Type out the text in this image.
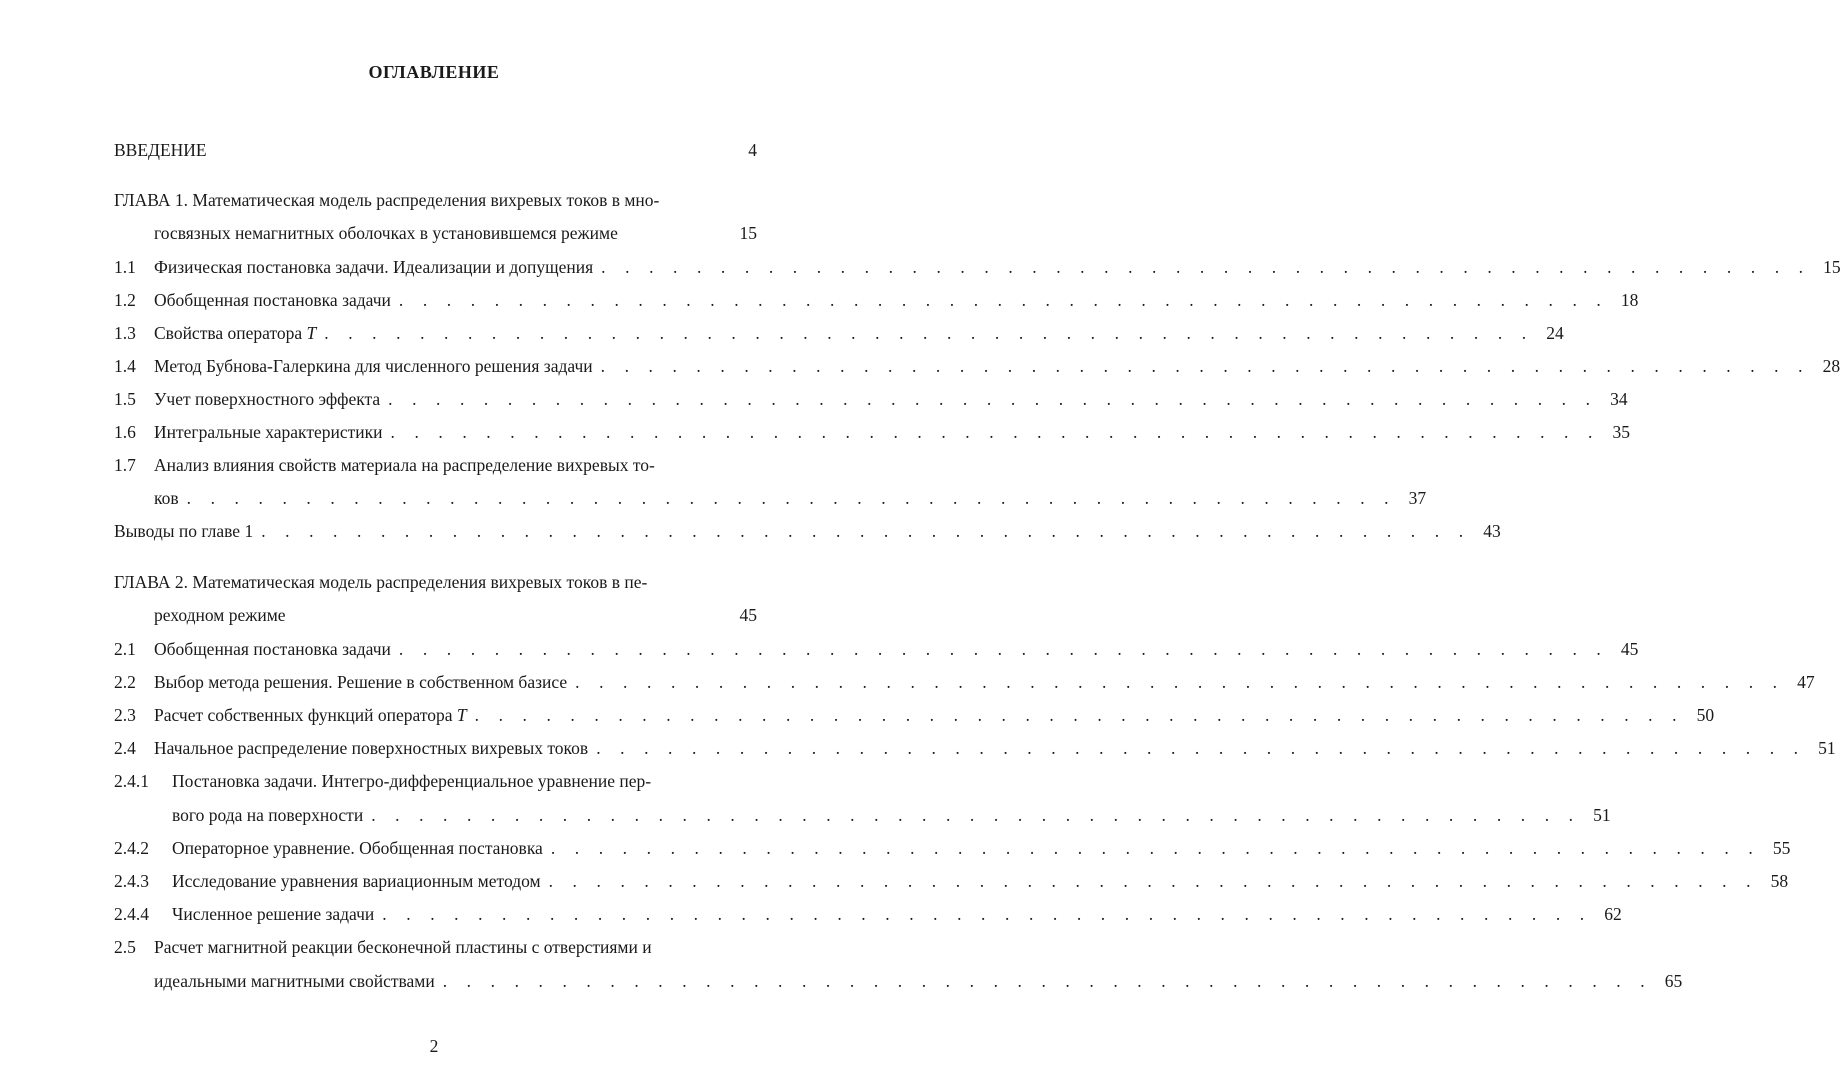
ОГЛАВЛЕНИЕ
ВВЕДЕНИЕ	4
ГЛАВА 1. Математическая модель распределения вихревых токов в мно-
госвязных немагнитных оболочках в установившемся режиме	15
1.1 Физическая постановка задачи. Идеализации и допущения . . . . . . . . . . . . . . . . . . . . . . . . . . . . . . . . . . . . . . . . . . . . . . . . . . . 15
1.2 Обобщенная постановка задачи . . . . . . . . . . . . . . . . . . . . . . . . . . . . . . . . . . . . . . . . . . . . . . . . . . . 18
1.3 Свойства оператора T . . . . . . . . . . . . . . . . . . . . . . . . . . . . . . . . . . . . . . . . . . . . . . . . . . . 24
1.4 Метод Бубнова-Галеркина для численного решения задачи . . . . . . . . . . . . . . . . . . . . . . . . . . . . . . . . . . . . . . . . . . . . . . . . . . . 28
1.5 Учет поверхностного эффекта . . . . . . . . . . . . . . . . . . . . . . . . . . . . . . . . . . . . . . . . . . . . . . . . . . . 34
1.6 Интегральные характеристики . . . . . . . . . . . . . . . . . . . . . . . . . . . . . . . . . . . . . . . . . . . . . . . . . . . 35
1.7 Анализ влияния свойств материала на распределение вихревых то-
ков . . . . . . . . . . . . . . . . . . . . . . . . . . . . . . . . . . . . . . . . . . . . . . . . . . . 37
Выводы по главе 1 . . . . . . . . . . . . . . . . . . . . . . . . . . . . . . . . . . . . . . . . . . . . . . . . . . . 43
ГЛАВА 2. Математическая модель распределения вихревых токов в пе-
реходном режиме	45
2.1 Обобщенная постановка задачи . . . . . . . . . . . . . . . . . . . . . . . . . . . . . . . . . . . . . . . . . . . . . . . . . . . 45
2.2 Выбор метода решения. Решение в собственном базисе . . . . . . . . . . . . . . . . . . . . . . . . . . . . . . . . . . . . . . . . . . . . . . . . . . . 47
2.3 Расчет собственных функций оператора T . . . . . . . . . . . . . . . . . . . . . . . . . . . . . . . . . . . . . . . . . . . . . . . . . . . 50
2.4 Начальное распределение поверхностных вихревых токов . . . . . . . . . . . . . . . . . . . . . . . . . . . . . . . . . . . . . . . . . . . . . . . . . . . 51
2.4.1 Постановка задачи. Интегро-дифференциальное уравнение пер-
вого рода на поверхности . . . . . . . . . . . . . . . . . . . . . . . . . . . . . . . . . . . . . . . . . . . . . . . . . . . 51
2.4.2 Операторное уравнение. Обобщенная постановка . . . . . . . . . . . . . . . . . . . . . . . . . . . . . . . . . . . . . . . . . . . . . . . . . . . 55
2.4.3 Исследование уравнения вариационным методом . . . . . . . . . . . . . . . . . . . . . . . . . . . . . . . . . . . . . . . . . . . . . . . . . . . 58
2.4.4 Численное решение задачи . . . . . . . . . . . . . . . . . . . . . . . . . . . . . . . . . . . . . . . . . . . . . . . . . . . 62
2.5 Расчет магнитной реакции бесконечной пластины с отверстиями и
идеальными магнитными свойствами . . . . . . . . . . . . . . . . . . . . . . . . . . . . . . . . . . . . . . . . . . . . . . . . . . . 65
2
